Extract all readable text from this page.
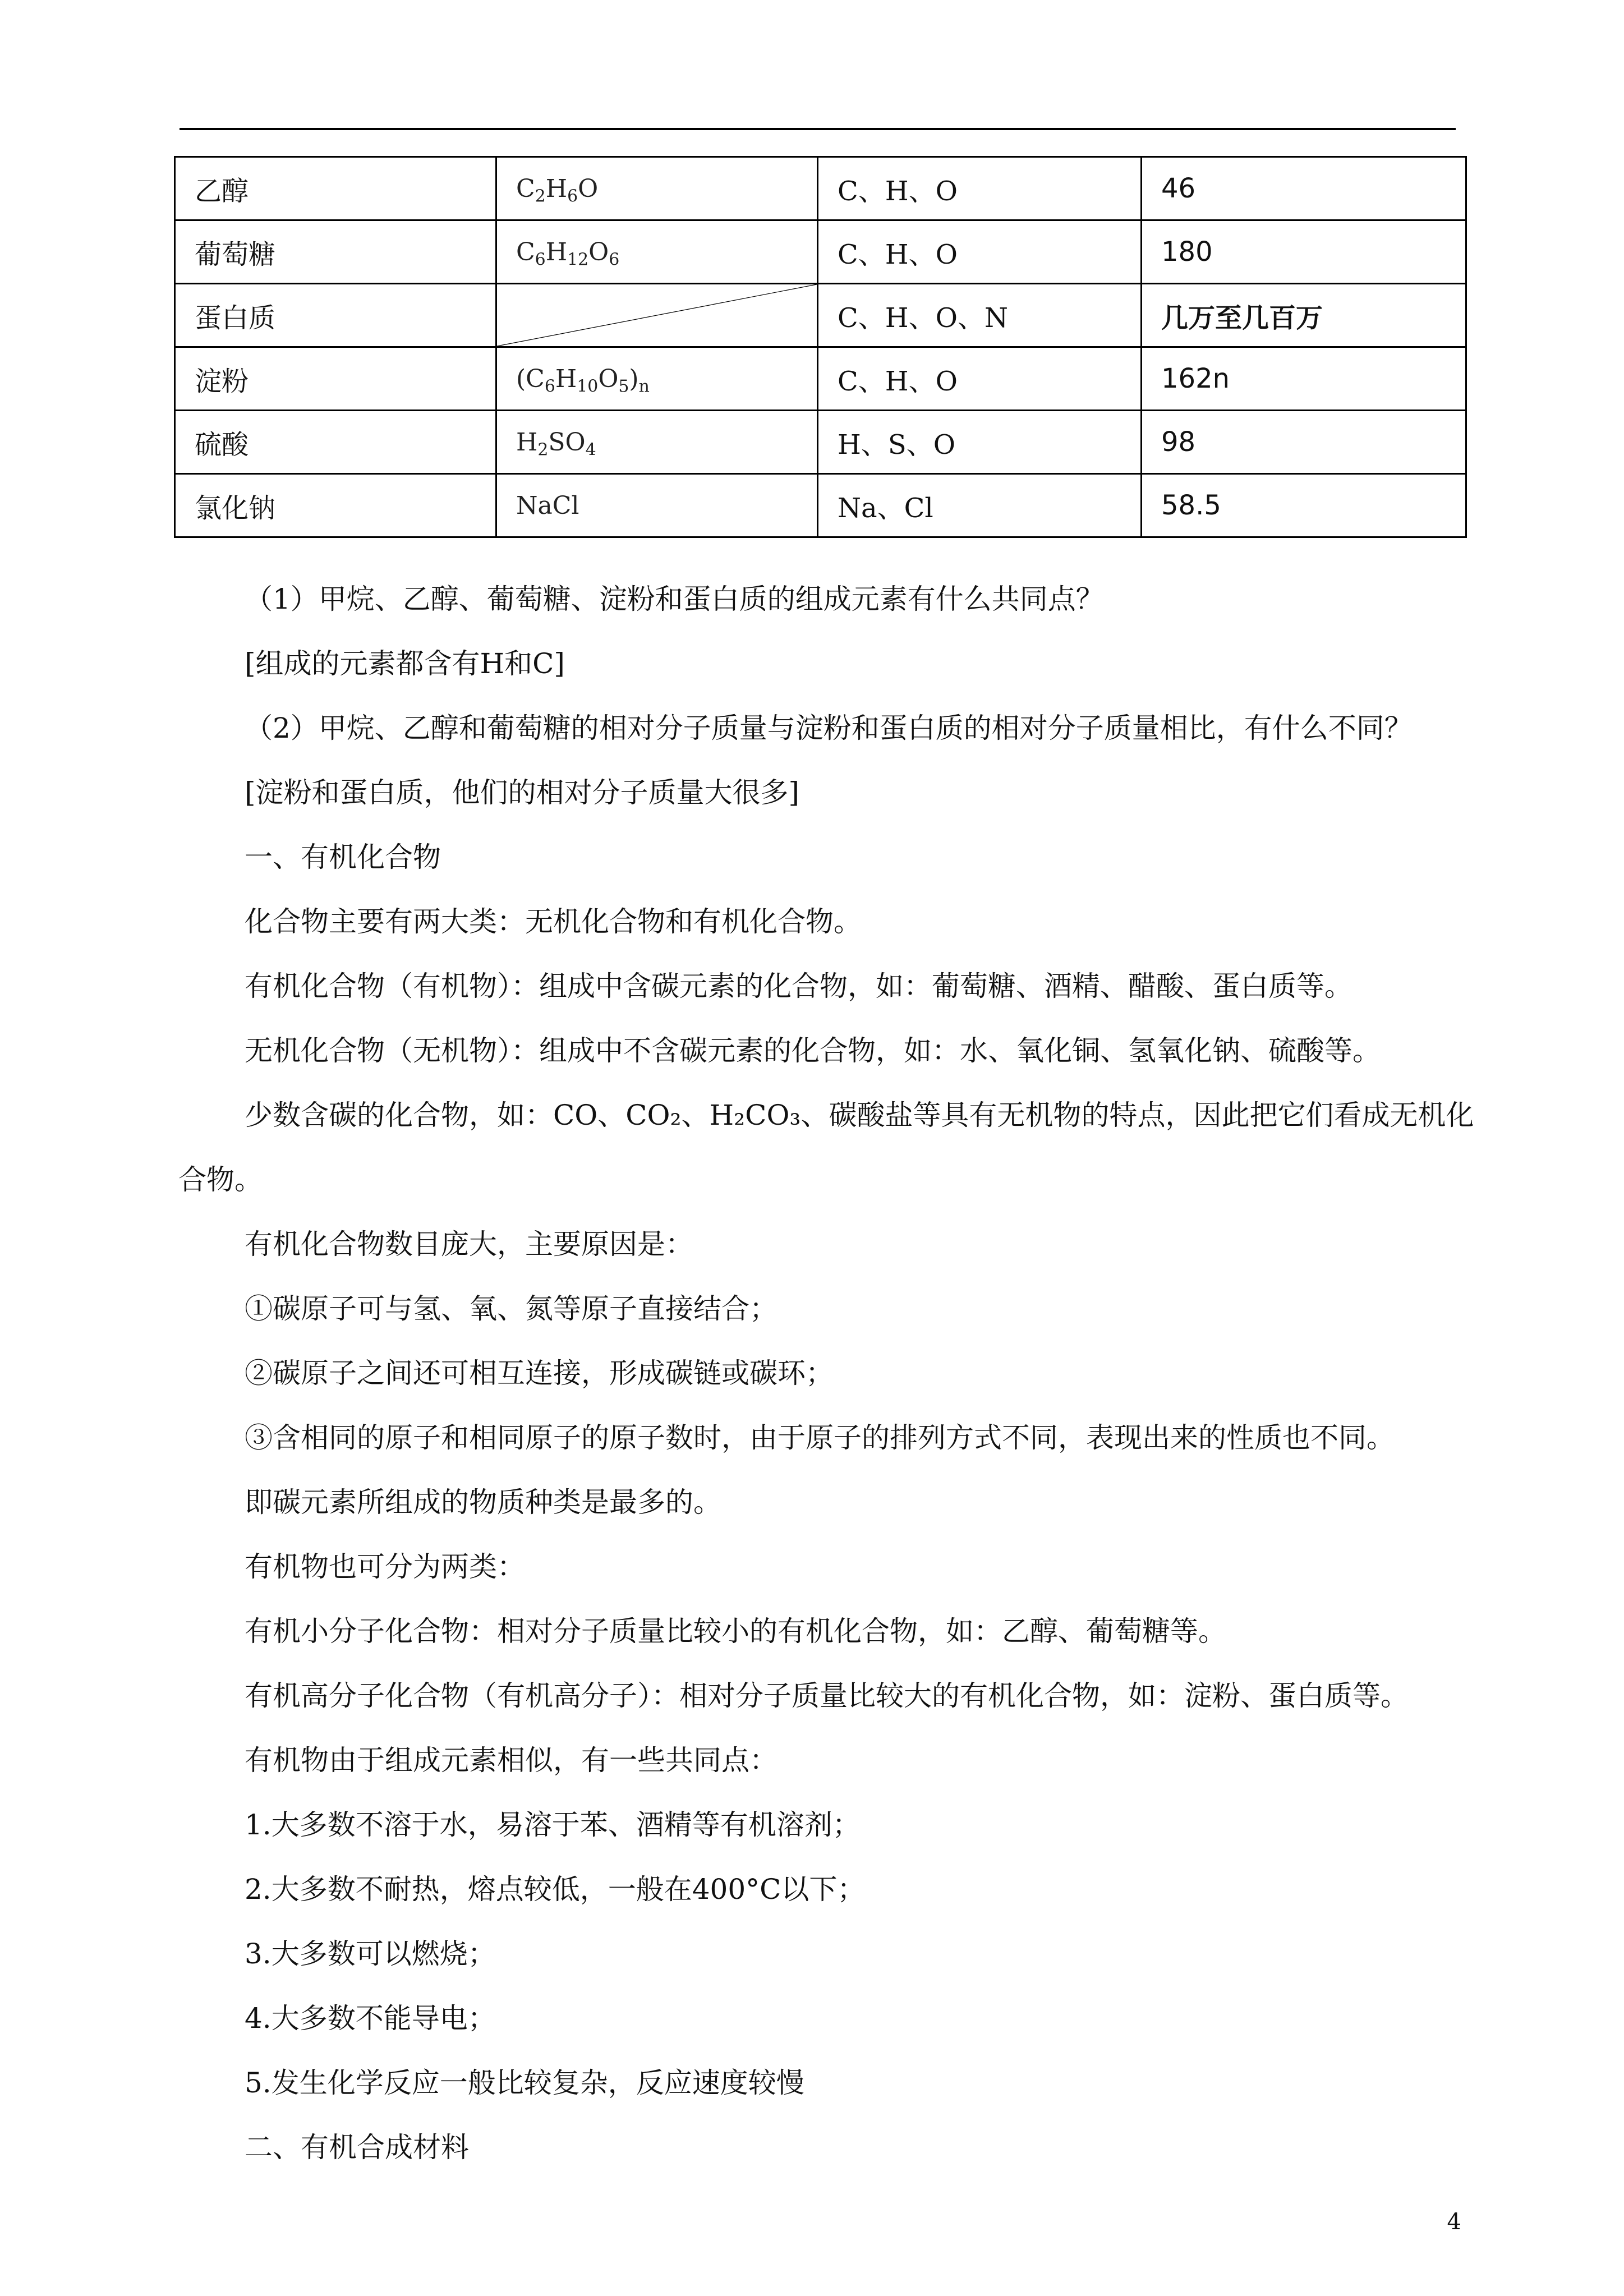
乙醇	$C_2H_6O$	C、H、O	46
葡萄糖	$C_6H_{12}O_6$	C、H、O	180
蛋白质		C、H、O、N	几万至几百万
淀粉	$(C_6H_{10}O_5)_n$	C、H、O	162n
硫酸	$H_2SO_4$	H、S、O	98
氯化钠	NaCl	Na、Cl	58.5
（1）甲烷、乙醇、葡萄糖、淀粉和蛋白质的组成元素有什么共同点？
[组成的元素都含有H和C]
（2）甲烷、乙醇和葡萄糖的相对分子质量与淀粉和蛋白质的相对分子质量相比，有什么不同？
[淀粉和蛋白质，他们的相对分子质量大很多]
一、有机化合物
化合物主要有两大类：无机化合物和有机化合物。
有机化合物（有机物）：组成中含碳元素的化合物，如：葡萄糖、酒精、醋酸、蛋白质等。
无机化合物（无机物）：组成中不含碳元素的化合物，如：水、氧化铜、氢氧化钠、硫酸等。
少数含碳的化合物，如：CO、CO₂、H₂CO₃、碳酸盐等具有无机物的特点，因此把它们看成无机化
合物。
有机化合物数目庞大，主要原因是：
①碳原子可与氢、氧、氮等原子直接结合；
②碳原子之间还可相互连接，形成碳链或碳环；
③含相同的原子和相同原子的原子数时，由于原子的排列方式不同，表现出来的性质也不同。
即碳元素所组成的物质种类是最多的。
有机物也可分为两类：
有机小分子化合物：相对分子质量比较小的有机化合物，如：乙醇、葡萄糖等。
有机高分子化合物（有机高分子）：相对分子质量比较大的有机化合物，如：淀粉、蛋白质等。
有机物由于组成元素相似，有一些共同点：
1.大多数不溶于水，易溶于苯、酒精等有机溶剂；
2.大多数不耐热，熔点较低，一般在400°C以下；
3.大多数可以燃烧；
4.大多数不能导电；
5.发生化学反应一般比较复杂，反应速度较慢
二、有机合成材料
4
